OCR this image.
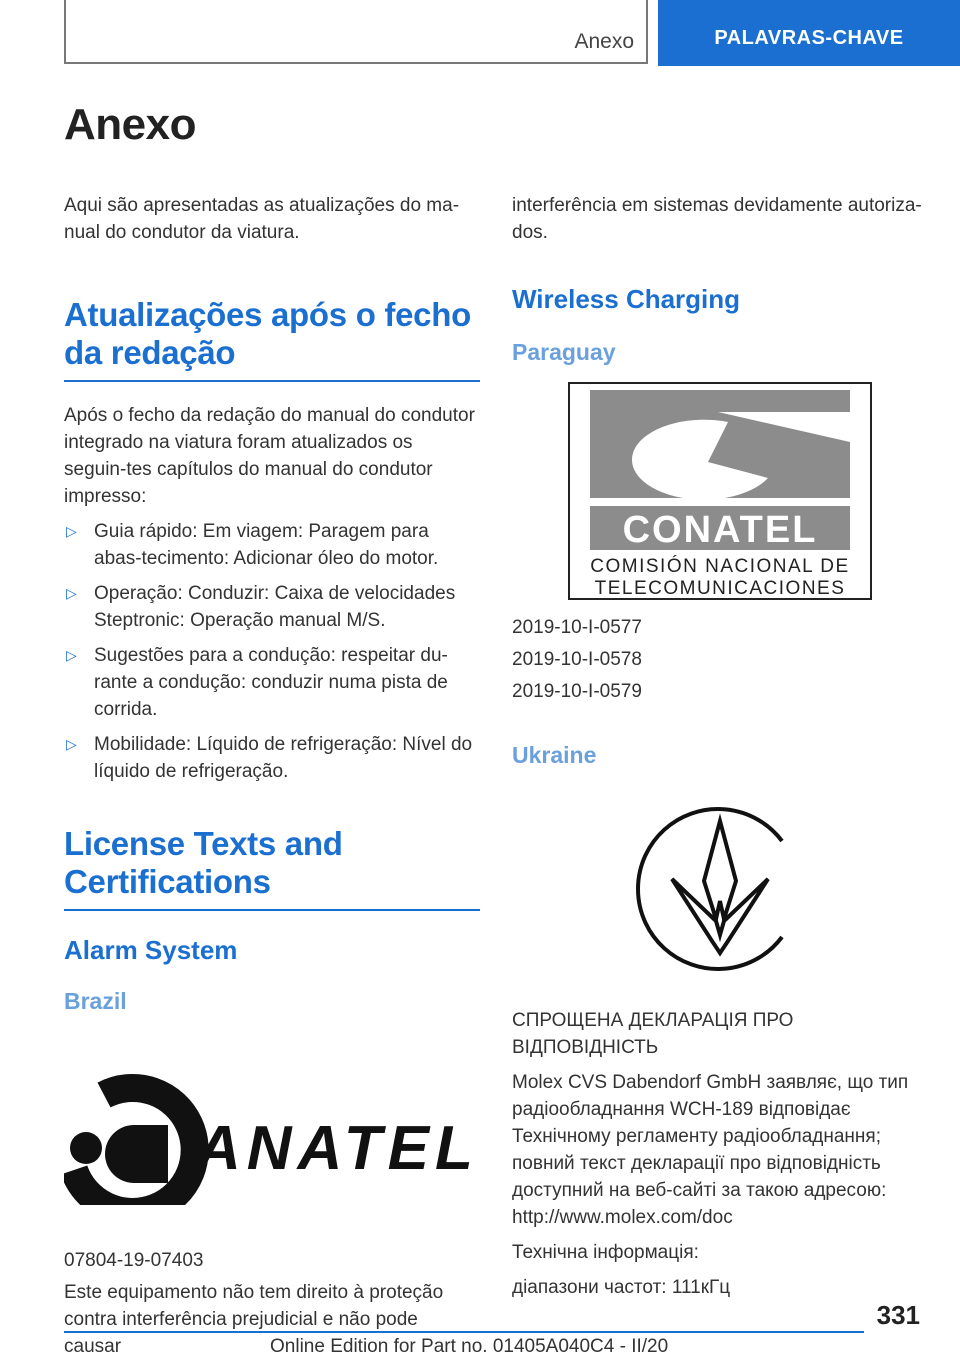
Anexo	PALAVRAS-CHAVE
Anexo

Aqui são apresentadas as atualizações do ma-nual do condutor da viatura.

Atualizações após o fecho da redação

Após o fecho da redação do manual do condutor integrado na viatura foram atualizados os seguin-tes capítulos do manual do condutor impresso:

▷ Guia rápido: Em viagem: Paragem para abas-tecimento: Adicionar óleo do motor.
▷ Operação: Conduzir: Caixa de velocidades Steptronic: Operação manual M/S.
▷ Sugestões para a condução: respeitar du-rante a condução: conduzir numa pista de corrida.
▷ Mobilidade: Líquido de refrigeração: Nível do líquido de refrigeração.
License Texts and Certifications
Alarm System
Brazil
ANATEL

07804-19-07403

Este equipamento não tem direito à proteção contra interferência prejudicial e não pode causar

interferência em sistemas devidamente autoriza-dos.

Wireless Charging
Paraguay
CONATEL
COMISIÓN NACIONAL DE
TELECOMUNICACIONES

2019-10-I-0577

2019-10-I-0578

2019-10-I-0579

Ukraine

СПРОЩЕНА ДЕКЛАРАЦІЯ ПРО ВІДПОВІДНІСТЬ

Molex CVS Dabendorf GmbH заявляє, що тип радіообладнання WCH-189 відповідає Технічному регламенту радіообладнання; повний текст декларації про відповідність доступний на веб-сайті за такою адресою: http://www.molex.com/doc

Технічна інформація:

діапазони частот: 111кГц

331
Online Edition for Part no. 01405A040C4 - II/20
